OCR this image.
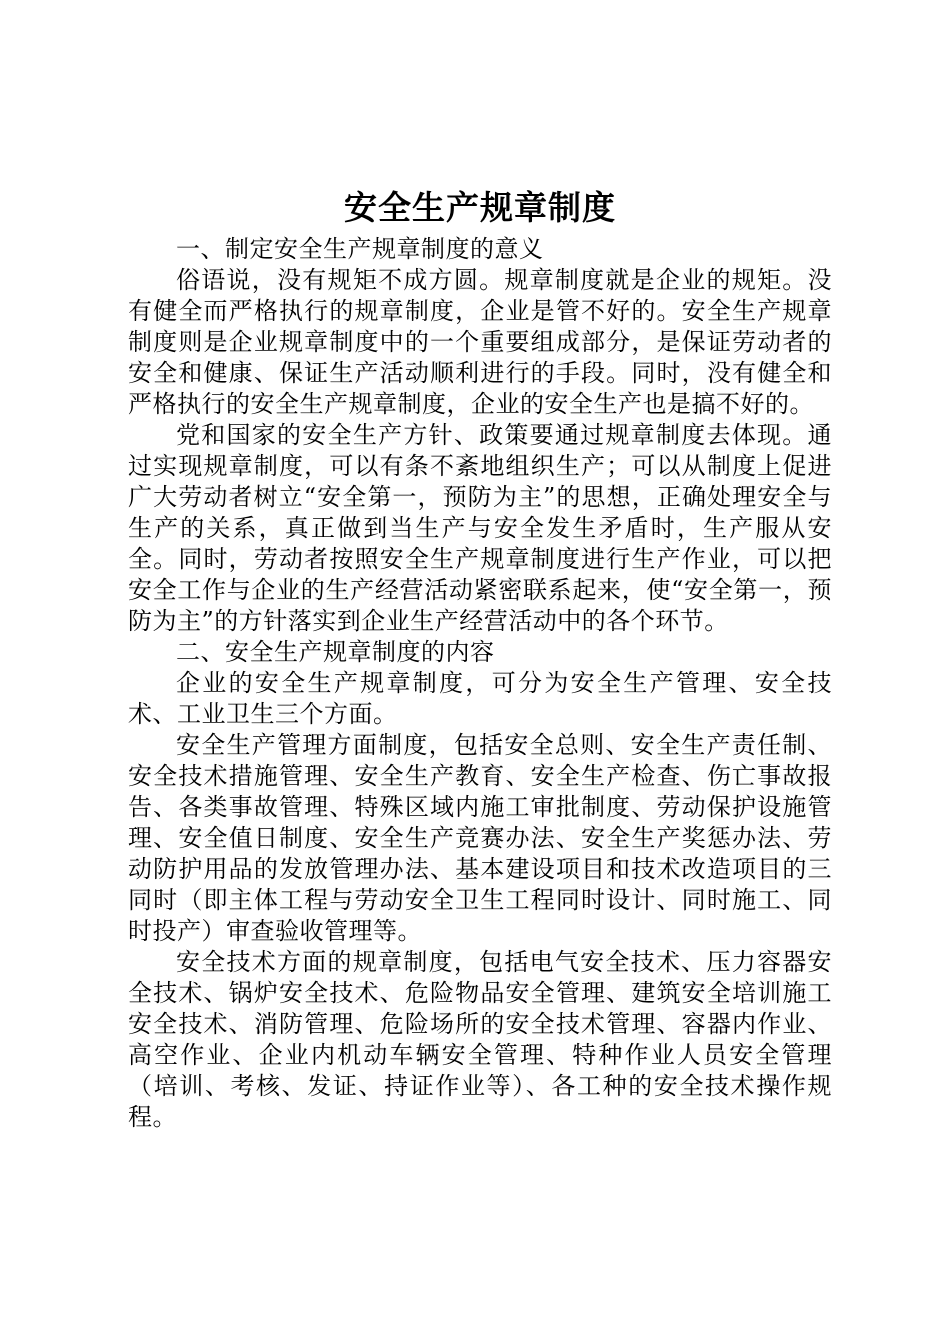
安全生产规章制度

一、制定安全生产规章制度的意义

俗语说，没有规矩不成方圆。规章制度就是企业的规矩。没有健全而严格执行的规章制度，企业是管不好的。安全生产规章制度则是企业规章制度中的一个重要组成部分，是保证劳动者的安全和健康、保证生产活动顺利进行的手段。同时，没有健全和严格执行的安全生产规章制度，企业的安全生产也是搞不好的。

党和国家的安全生产方针、政策要通过规章制度去体现。通过实现规章制度，可以有条不紊地组织生产；可以从制度上促进广大劳动者树立“安全第一，预防为主”的思想，正确处理安全与生产的关系，真正做到当生产与安全发生矛盾时，生产服从安全。同时，劳动者按照安全生产规章制度进行生产作业，可以把安全工作与企业的生产经营活动紧密联系起来，使“安全第一，预防为主”的方针落实到企业生产经营活动中的各个环节。

二、安全生产规章制度的内容

企业的安全生产规章制度，可分为安全生产管理、安全技术、工业卫生三个方面。

安全生产管理方面制度，包括安全总则、安全生产责任制、安全技术措施管理、安全生产教育、安全生产检查、伤亡事故报告、各类事故管理、特殊区域内施工审批制度、劳动保护设施管理、安全值日制度、安全生产竞赛办法、安全生产奖惩办法、劳动防护用品的发放管理办法、基本建设项目和技术改造项目的三同时（即主体工程与劳动安全卫生工程同时设计、同时施工、同时投产）审查验收管理等。

安全技术方面的规章制度，包括电气安全技术、压力容器安全技术、锅炉安全技术、危险物品安全管理、建筑安全培训施工安全技术、消防管理、危险场所的安全技术管理、容器内作业、高空作业、企业内机动车辆安全管理、特种作业人员安全管理（培训、考核、发证、持证作业等）、各工种的安全技术操作规程。
